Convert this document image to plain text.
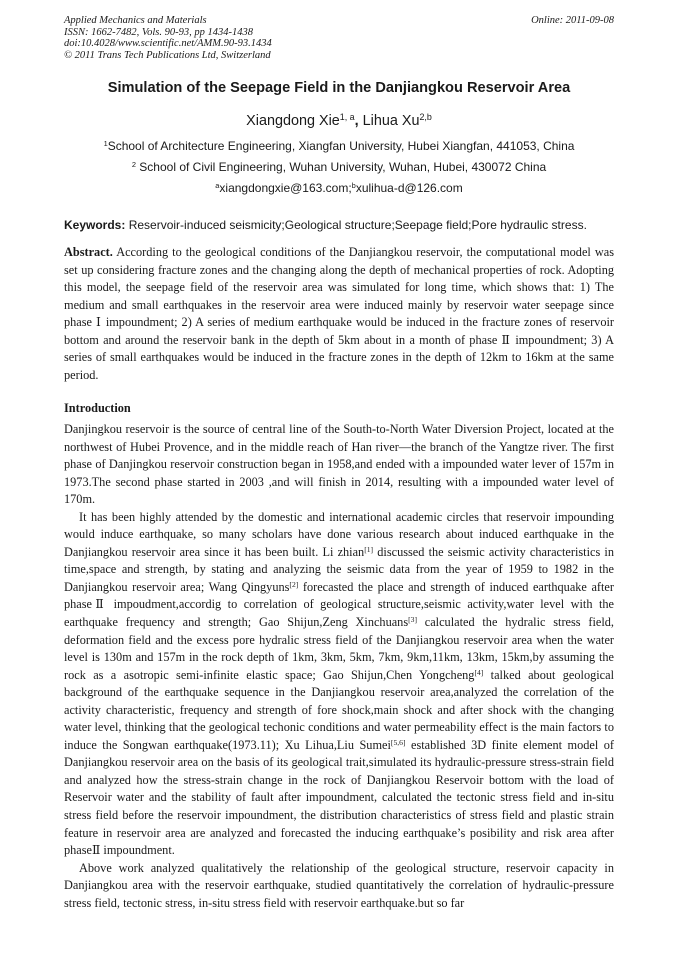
Applied Mechanics and Materials
ISSN: 1662-7482, Vols. 90-93, pp 1434-1438
doi:10.4028/www.scientific.net/AMM.90-93.1434
© 2011 Trans Tech Publications Ltd, Switzerland
Online: 2011-09-08
Simulation of the Seepage Field in the Danjiangkou Reservoir Area
Xiangdong Xie$^{1, a}$, Lihua Xu$^{2,b}$
$^1$School of Architecture Engineering, Xiangfan University, Hubei Xiangfan, 441053, China
$^2$ School of Civil Engineering, Wuhan University, Wuhan, Hubei, 430072 China
$^a$xiangdongxie@163.com;$^b$xulihua-d@126.com
Keywords: Reservoir-induced seismicity;Geological structure;Seepage field;Pore hydraulic stress.
Abstract. According to the geological conditions of the Danjiangkou reservoir, the computational model was set up considering fracture zones and the changing along the depth of mechanical properties of rock. Adopting this model, the seepage field of the reservoir area was simulated for long time, which shows that: 1) The medium and small earthquakes in the reservoir area were induced mainly by reservoir water seepage since phase Ⅰ impoundment; 2) A series of medium earthquake would be induced in the fracture zones of reservoir bottom and around the reservoir bank in the depth of 5km about in a month of phase Ⅱ impoundment; 3) A series of small earthquakes would be induced in the fracture zones in the depth of 12km to 16km at the same period.
Introduction

Danjingkou reservoir is the source of central line of the South-to-North Water Diversion Project, located at the northwest of Hubei Provence, and in the middle reach of Han river—the branch of the Yangtze river. The first phase of Danjingkou reservoir construction began in 1958,and ended with a impounded water lever of 157m in 1973.The second phase started in 2003 ,and will finish in 2014, resulting with a impounded water level of 170m.

It has been highly attended by the domestic and international academic circles that reservoir impounding would induce earthquake, so many scholars have done various research about induced earthquake in the Danjiangkou reservoir area since it has been built. Li zhian[1] discussed the seismic activity characteristics in time,space and strength, by stating and analyzing the seismic data from the year of 1959 to 1982 in the Danjiangkou reservoir area; Wang Qingyuns[2] forecasted the place and strength of induced earthquake after phaseⅡ impoudment,accordig to correlation of geological structure,seismic activity,water level with the earthquake frequency and strength; Gao Shijun,Zeng Xinchuans[3] calculated the hydralic stress field, deformation field and the excess pore hydralic stress field of the Danjiangkou reservoir area when the water level is 130m and 157m in the rock depth of 1km, 3km, 5km, 7km, 9km,11km, 13km, 15km,by assuming the rock as a asotropic semi-infinite elastic space; Gao Shijun,Chen Yongcheng[4] talked about geological background of the earthquake sequence in the Danjiangkou reservoir area,analyzed the correlation of the activity characteristic, frequency and strength of fore shock,main shock and after shock with the changing water level, thinking that the geological techonic conditions and water permeability effect is the main factors to induce the Songwan earthquake(1973.11); Xu Lihua,Liu Sumei[5,6] established 3D finite element model of Danjiangkou reservoir area on the basis of its geological trait,simulated its hydraulic-pressure stress-strain field and analyzed how the stress-strain change in the rock of Danjiangkou Reservoir bottom with the load of Reservoir water and the stability of fault after impoundment, calculated the tectonic stress field and in-situ stress field before the reservoir impoundment, the distribution characteristics of stress field and plastic strain feature in reservoir area are analyzed and forecasted the inducing earthquake’s posibility and risk area after phaseⅡ impoundment.

Above work analyzed qualitatively the relationship of the geological structure, reservoir capacity in Danjiangkou area with the reservoir earthquake, studied quantitatively the correlation of hydraulic-pressure stress field, tectonic stress, in-situ stress field with reservoir earthquake.but so far
